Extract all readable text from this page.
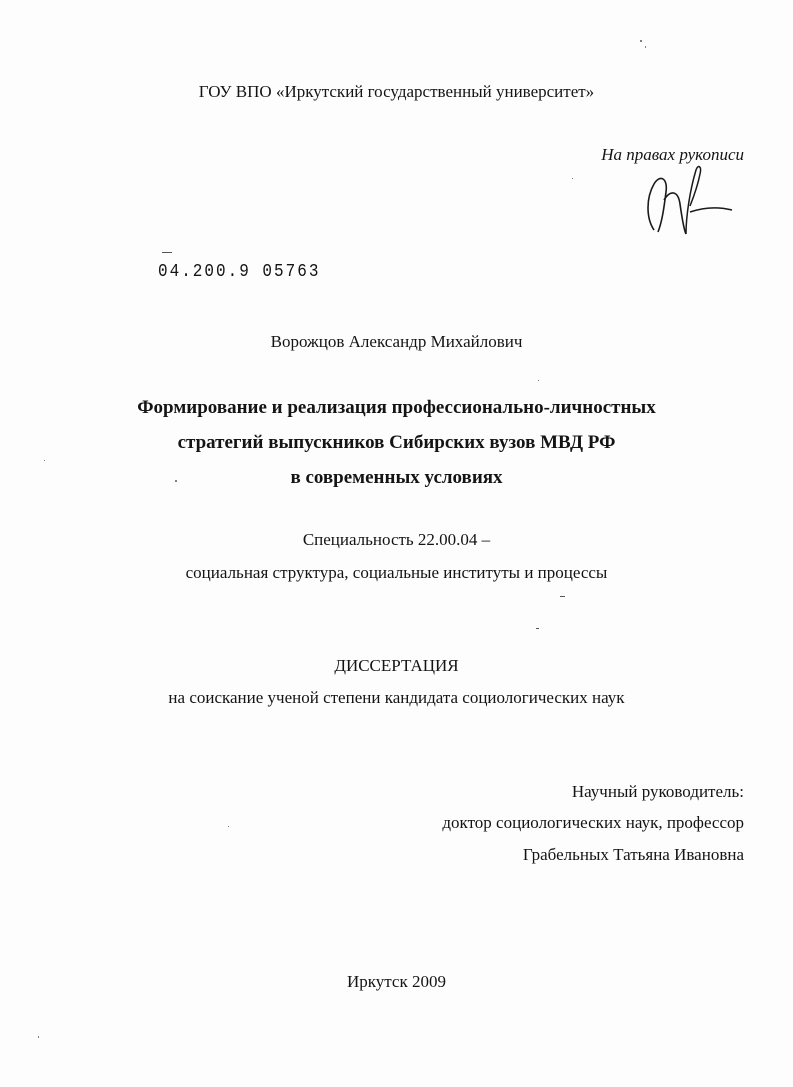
ГОУ ВПО «Иркутский государственный университет»
На правах рукописи
04.200.9 05763
Ворожцов Александр Михайлович
Формирование и реализация профессионально-личностных
стратегий выпускников Сибирских вузов МВД РФ
в современных условиях
Специальность 22.00.04 –
социальная структура, социальные институты и процессы
ДИССЕРТАЦИЯ
на соискание ученой степени кандидата социологических наук
Научный руководитель:
доктор социологических наук, профессор
Грабельных Татьяна Ивановна
Иркутск 2009
